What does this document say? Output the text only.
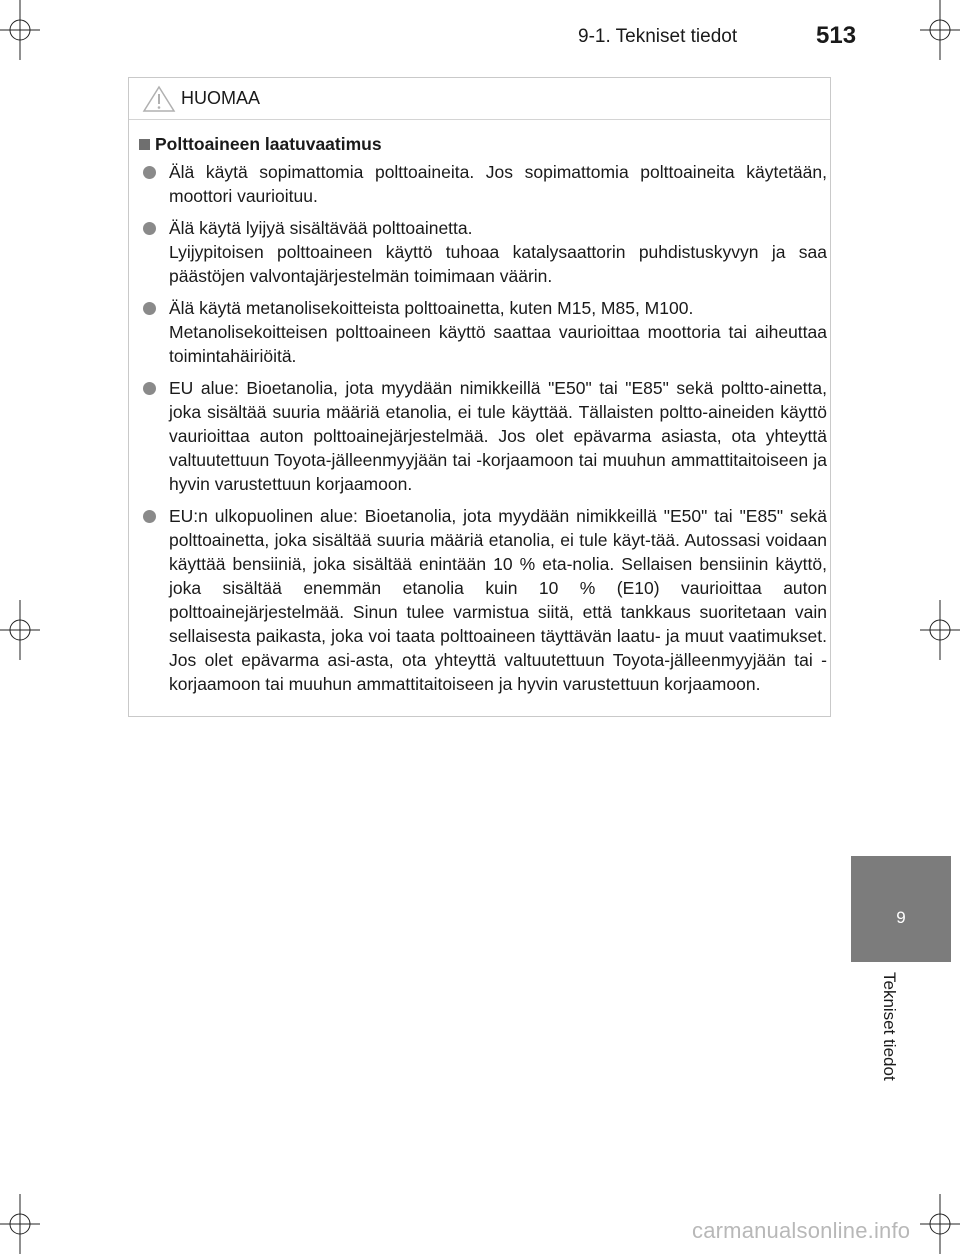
9-1. Tekniset tiedot	513
9
Tekniset tiedot
HUOMAA
Polttoaineen laatuvaatimus

Älä käytä sopimattomia polttoaineita. Jos sopimattomia polttoaineita käytetään, moottori vaurioituu.

Älä käytä lyijyä sisältävää polttoainetta.

Lyijypitoisen polttoaineen käyttö tuhoaa katalysaattorin puhdistuskyvyn ja saa päästöjen valvontajärjestelmän toimimaan väärin.

Älä käytä metanolisekoitteista polttoainetta, kuten M15, M85, M100.

Metanolisekoitteisen polttoaineen käyttö saattaa vaurioittaa moottoria tai aiheuttaa toimintahäiriöitä.

EU alue: Bioetanolia, jota myydään nimikkeillä "E50" tai "E85" sekä poltto-ainetta, joka sisältää suuria määriä etanolia, ei tule käyttää. Tällaisten poltto-aineiden käyttö vaurioittaa auton polttoainejärjestelmää. Jos olet epävarma asiasta, ota yhteyttä valtuutettuun Toyota-jälleenmyyjään tai -korjaamoon tai muuhun ammattitaitoiseen ja hyvin varustettuun korjaamoon.

EU:n ulkopuolinen alue: Bioetanolia, jota myydään nimikkeillä "E50" tai "E85" sekä polttoainetta, joka sisältää suuria määriä etanolia, ei tule käyt-tää. Autossasi voidaan käyttää bensiiniä, joka sisältää enintään 10 % eta-nolia. Sellaisen bensiinin käyttö, joka sisältää enemmän etanolia kuin 10 % (E10) vaurioittaa auton polttoainejärjestelmää. Sinun tulee varmistua siitä, että tankkaus suoritetaan vain sellaisesta paikasta, joka voi taata polttoaineen täyttävän laatu- ja muut vaatimukset. Jos olet epävarma asi-asta, ota yhteyttä valtuutettuun Toyota-jälleenmyyjään tai -korjaamoon tai muuhun ammattitaitoiseen ja hyvin varustettuun korjaamoon.

carmanualsonline.info
